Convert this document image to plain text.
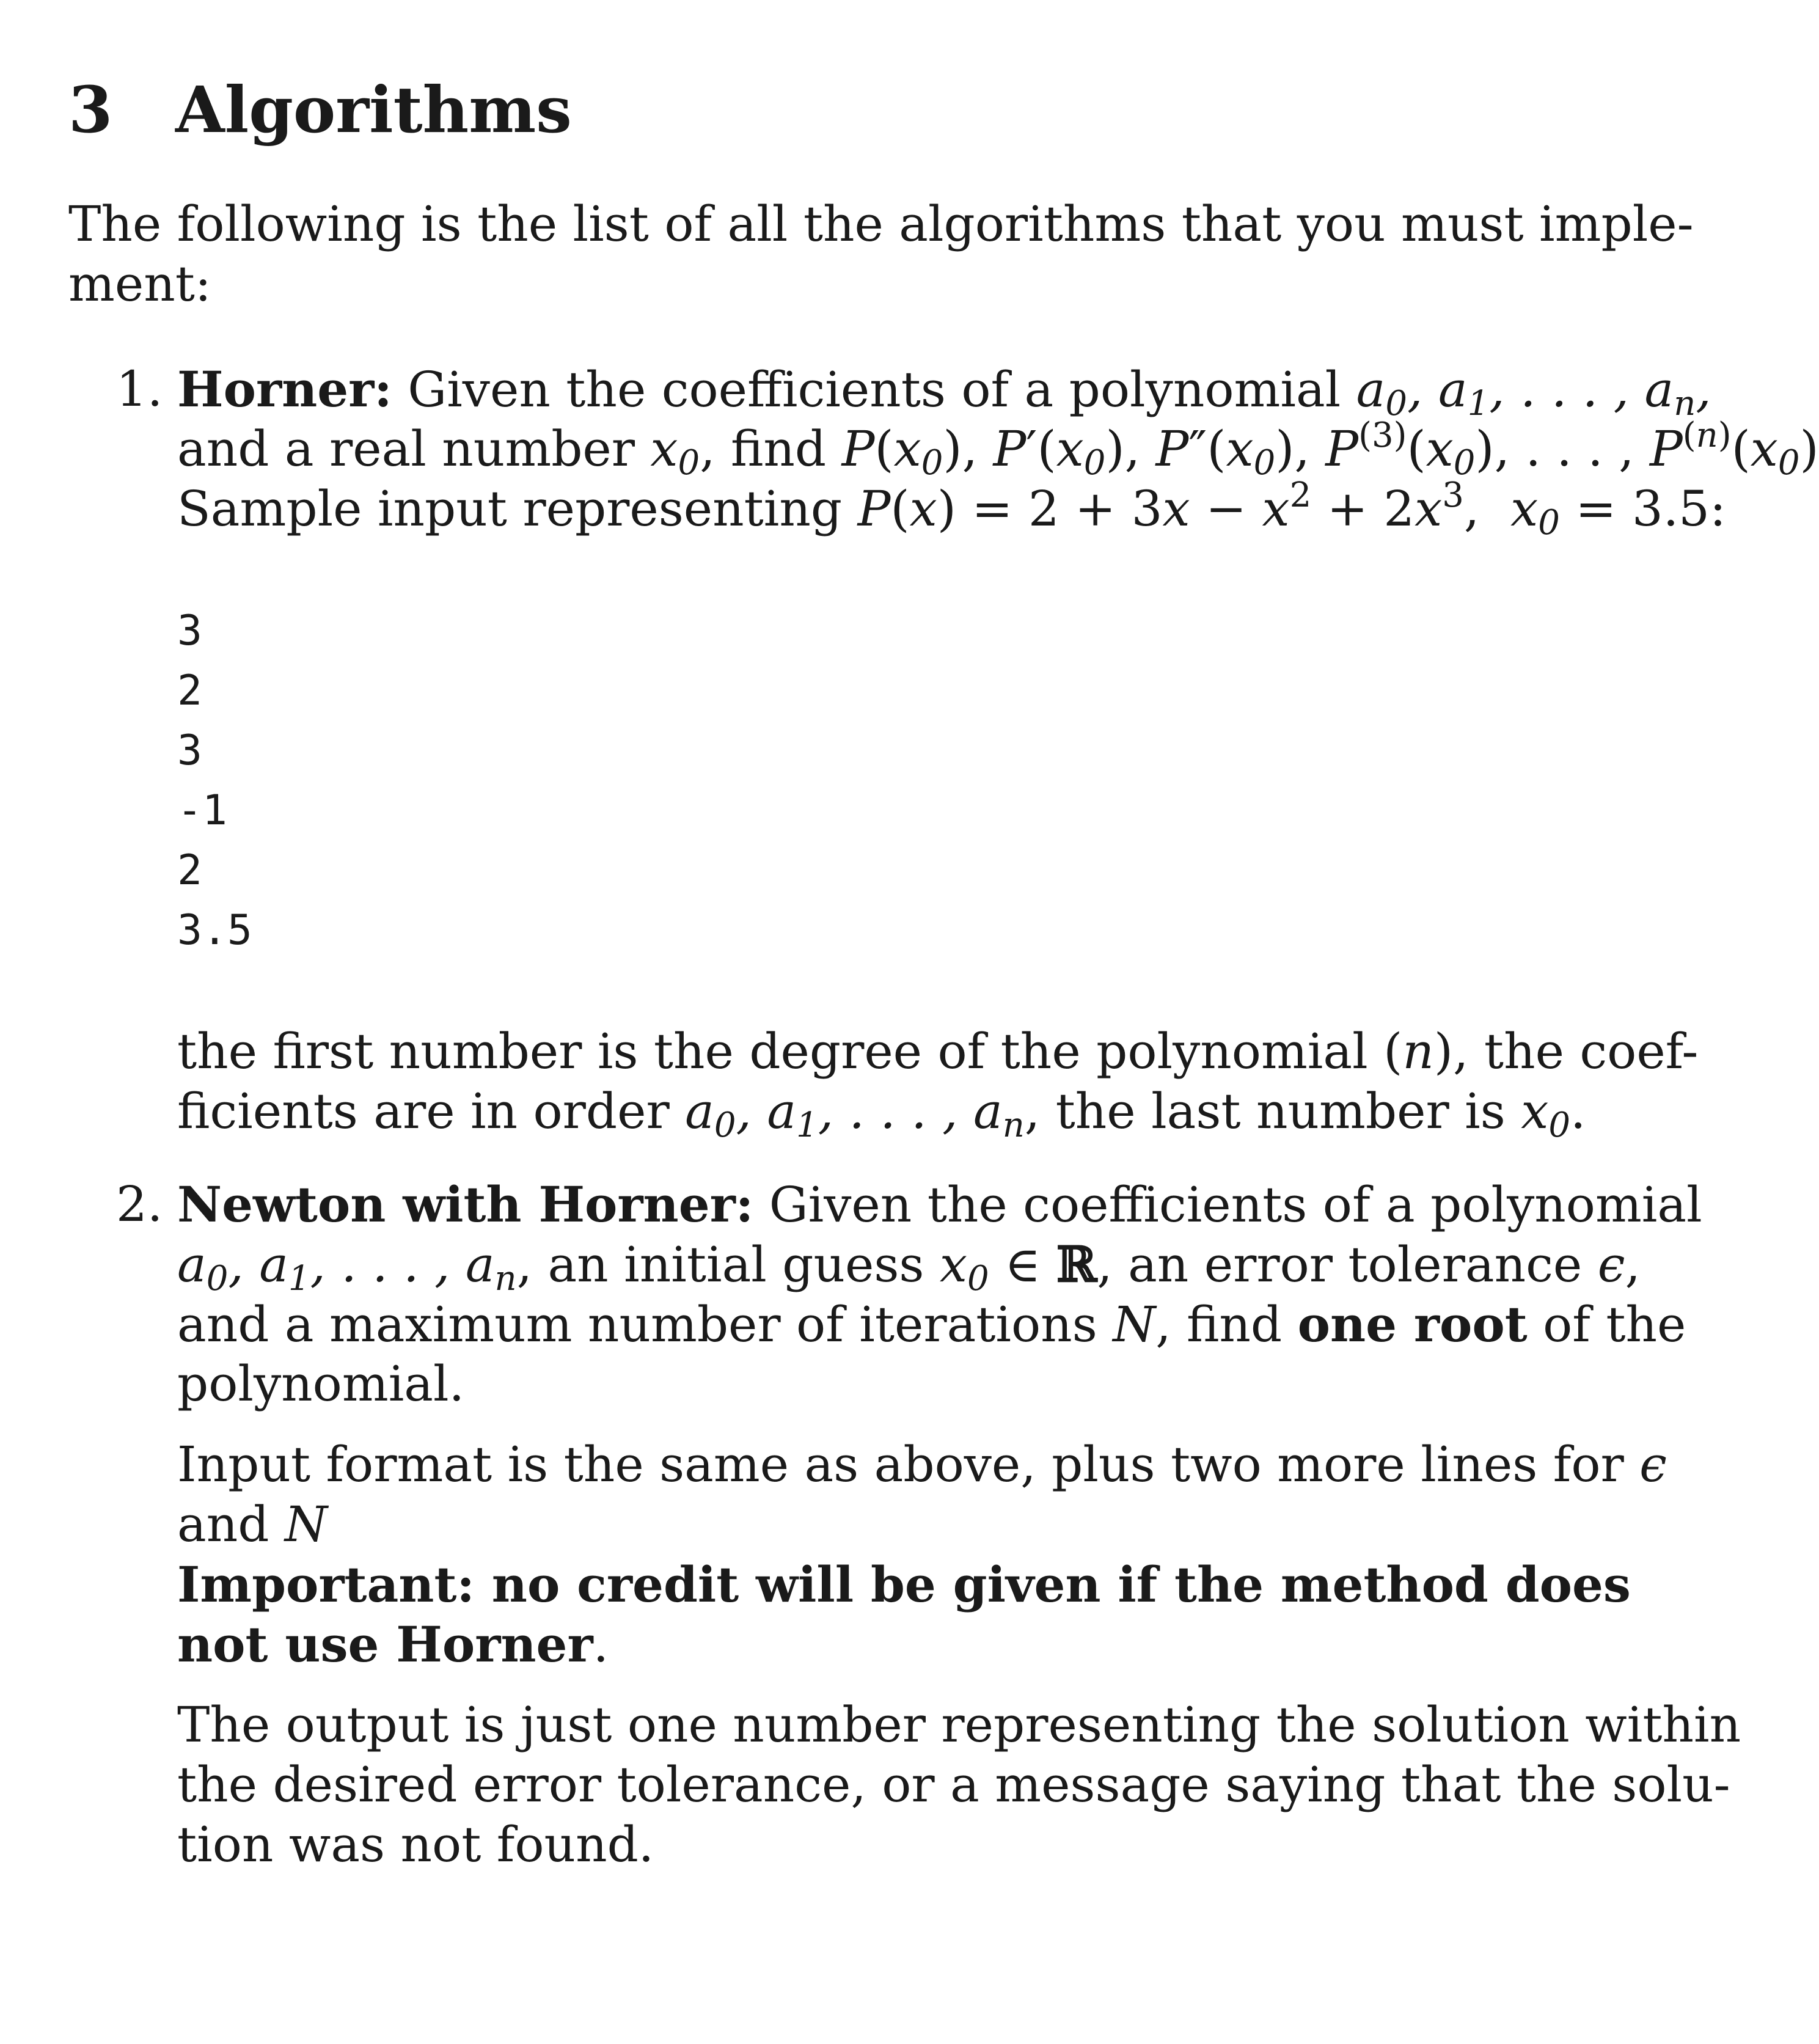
3 Algorithms
The following is the list of all the algorithms that you must imple-
ment:
1. Horner: Given the coefficients of a polynomial $a_0$, $a_1$, . . . , $a_n$,
and a real number $x_0$, find $P(x_0)$, $P'(x_0)$, $P''(x_0)$, $P^{(3)}(x_0)$, . . . , $P^{(n)}(x_0)$
Sample input representing $P(x) = 2 + 3x - x^2 + 2x^3$,  $x_0 = 3.5$:
3
2
3
-1
2
3.5
the first number is the degree of the polynomial (n), the coef-
ficients are in order $a_0$, $a_1$, . . . , $a_n$, the last number is $x_0$.
2. Newton with Horner: Given the coefficients of a polynomial
$a_0$, $a_1$, . . . , $a_n$, an initial guess $x_0$ ∈ ℝ, an error tolerance ϵ,
and a maximum number of iterations N, find one root of the
polynomial.
Input format is the same as above, plus two more lines for ϵ
and N
Important: no credit will be given if the method does
not use Horner.
The output is just one number representing the solution within
the desired error tolerance, or a message saying that the solu-
tion was not found.
